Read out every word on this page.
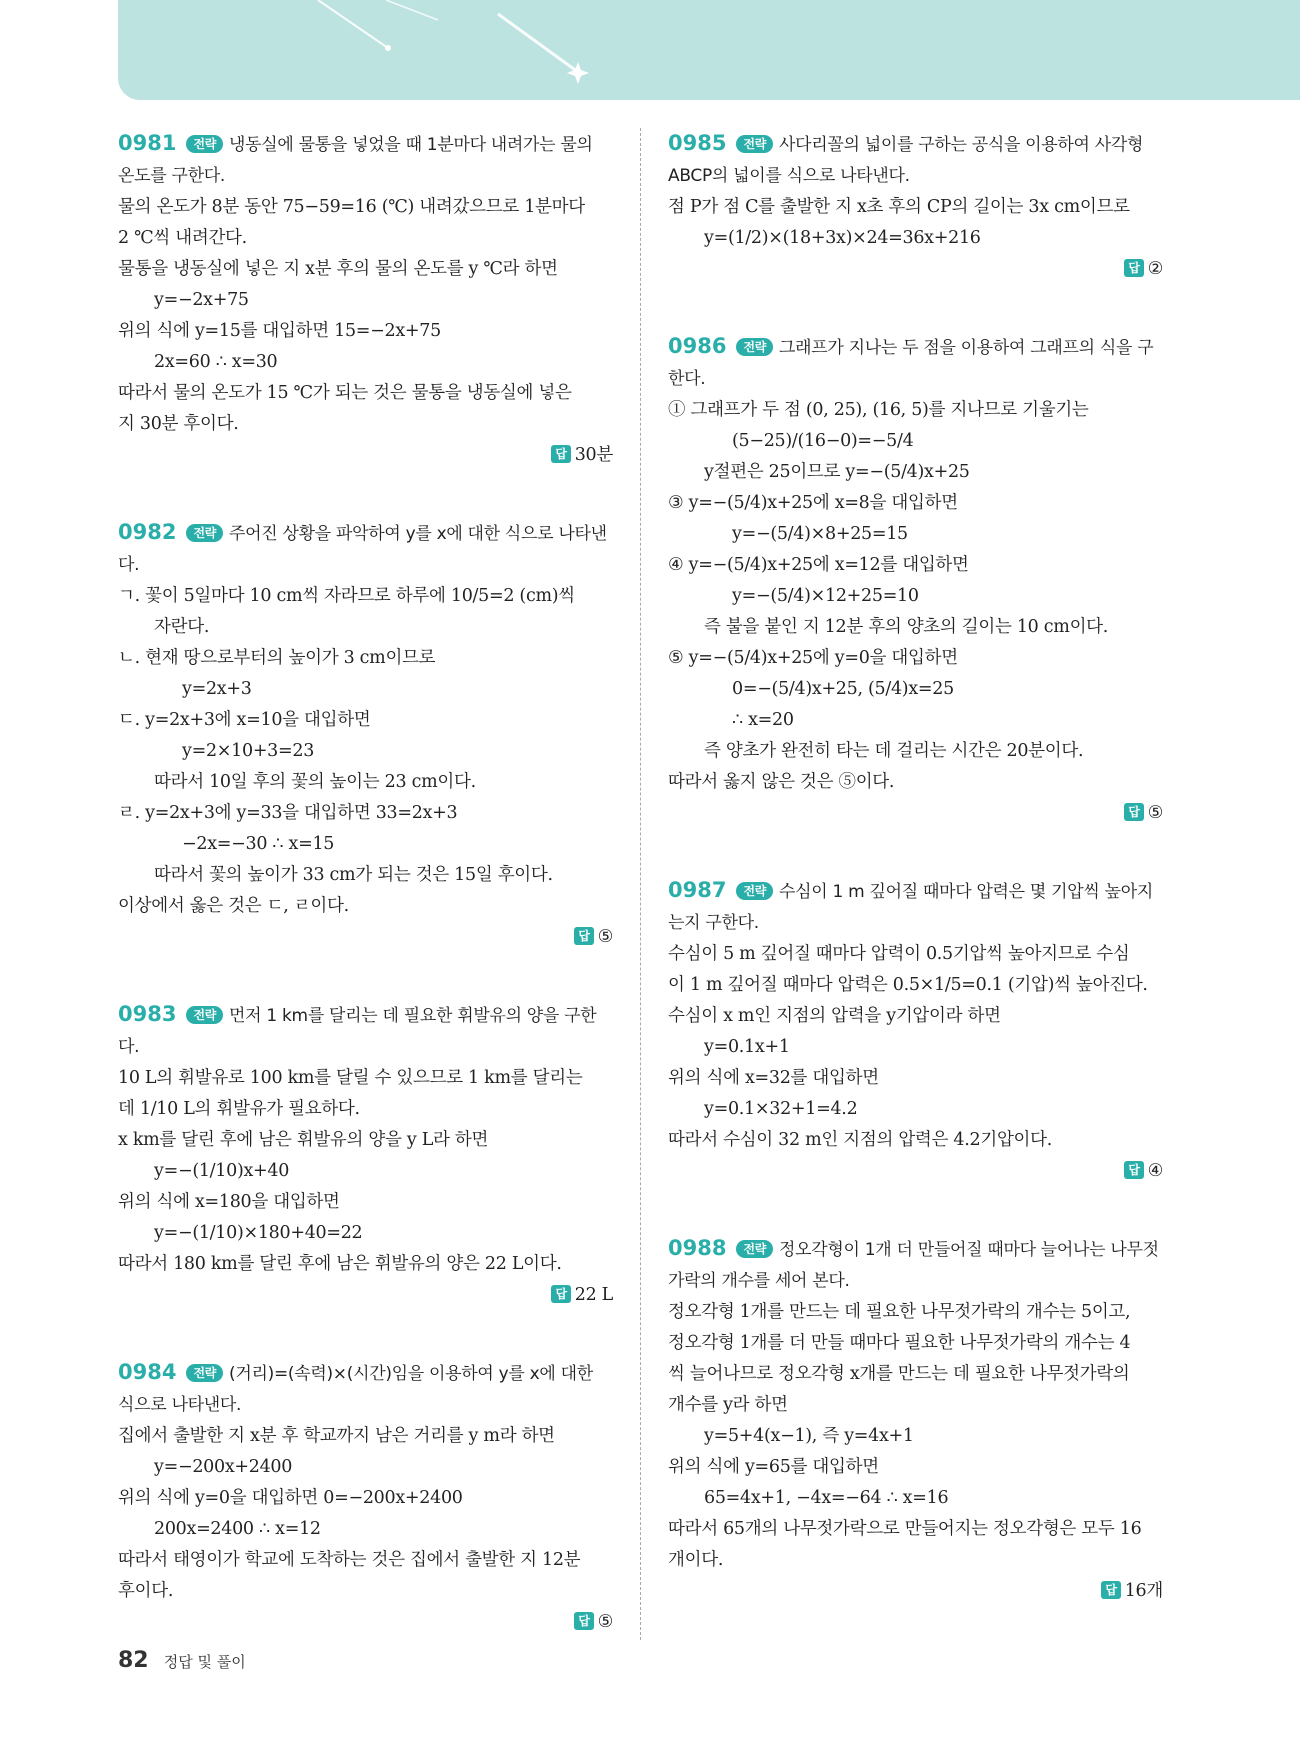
0981 전략 냉동실에 물통을 넣었을 때 1분마다 내려가는 물의 온도를 구한다.
물의 온도가 8분 동안 75−59=16 (℃) 내려갔으므로 1분마다
2 ℃씩 내려간다.
물통을 냉동실에 넣은 지 x분 후의 물의 온도를 y ℃라 하면
y=−2x+75
위의 식에 y=15를 대입하면 15=−2x+75
2x=60 ∴ x=30
따라서 물의 온도가 15 ℃가 되는 것은 물통을 냉동실에 넣은
지 30분 후이다.
답 30분
0982 전략 주어진 상황을 파악하여 y를 x에 대한 식으로 나타낸다.
ㄱ. 꽃이 5일마다 10 cm씩 자라므로 하루에 10/5=2 (cm)씩
자란다.
ㄴ. 현재 땅으로부터의 높이가 3 cm이므로
y=2x+3
ㄷ. y=2x+3에 x=10을 대입하면
y=2×10+3=23
따라서 10일 후의 꽃의 높이는 23 cm이다.
ㄹ. y=2x+3에 y=33을 대입하면 33=2x+3
−2x=−30 ∴ x=15
따라서 꽃의 높이가 33 cm가 되는 것은 15일 후이다.
이상에서 옳은 것은 ㄷ, ㄹ이다.
답 ⑤
0983 전략 먼저 1 km를 달리는 데 필요한 휘발유의 양을 구한다.
10 L의 휘발유로 100 km를 달릴 수 있으므로 1 km를 달리는
데 1/10 L의 휘발유가 필요하다.
x km를 달린 후에 남은 휘발유의 양을 y L라 하면
y=−(1/10)x+40
위의 식에 x=180을 대입하면
y=−(1/10)×180+40=22
따라서 180 km를 달린 후에 남은 휘발유의 양은 22 L이다.
답 22 L
0984 전략 (거리)=(속력)×(시간)임을 이용하여 y를 x에 대한 식으로 나타낸다.
집에서 출발한 지 x분 후 학교까지 남은 거리를 y m라 하면
y=−200x+2400
위의 식에 y=0을 대입하면 0=−200x+2400
200x=2400 ∴ x=12
따라서 태영이가 학교에 도착하는 것은 집에서 출발한 지 12분
후이다.
답 ⑤
0985 전략 사다리꼴의 넓이를 구하는 공식을 이용하여 사각형 ABCP의 넓이를 식으로 나타낸다.
점 P가 점 C를 출발한 지 x초 후의 CP의 길이는 3x cm이므로
y=(1/2)×(18+3x)×24=36x+216
답 ②
0986 전략 그래프가 지나는 두 점을 이용하여 그래프의 식을 구한다.
① 그래프가 두 점 (0, 25), (16, 5)를 지나므로 기울기는
(5−25)/(16−0)=−5/4
y절편은 25이므로 y=−(5/4)x+25
③ y=−(5/4)x+25에 x=8을 대입하면
y=−(5/4)×8+25=15
④ y=−(5/4)x+25에 x=12를 대입하면
y=−(5/4)×12+25=10
즉 불을 붙인 지 12분 후의 양초의 길이는 10 cm이다.
⑤ y=−(5/4)x+25에 y=0을 대입하면
0=−(5/4)x+25, (5/4)x=25
∴ x=20
즉 양초가 완전히 타는 데 걸리는 시간은 20분이다.
따라서 옳지 않은 것은 ⑤이다.
답 ⑤
0987 전략 수심이 1 m 깊어질 때마다 압력은 몇 기압씩 높아지는지 구한다.
수심이 5 m 깊어질 때마다 압력이 0.5기압씩 높아지므로 수심
이 1 m 깊어질 때마다 압력은 0.5×1/5=0.1 (기압)씩 높아진다.
수심이 x m인 지점의 압력을 y기압이라 하면
y=0.1x+1
위의 식에 x=32를 대입하면
y=0.1×32+1=4.2
따라서 수심이 32 m인 지점의 압력은 4.2기압이다.
답 ④
0988 전략 정오각형이 1개 더 만들어질 때마다 늘어나는 나무젓가락의 개수를 세어 본다.
정오각형 1개를 만드는 데 필요한 나무젓가락의 개수는 5이고,
정오각형 1개를 더 만들 때마다 필요한 나무젓가락의 개수는 4
씩 늘어나므로 정오각형 x개를 만드는 데 필요한 나무젓가락의
개수를 y라 하면
y=5+4(x−1), 즉 y=4x+1
위의 식에 y=65를 대입하면
65=4x+1, −4x=−64 ∴ x=16
따라서 65개의 나무젓가락으로 만들어지는 정오각형은 모두 16
개이다.
답 16개
82 정답 및 풀이
